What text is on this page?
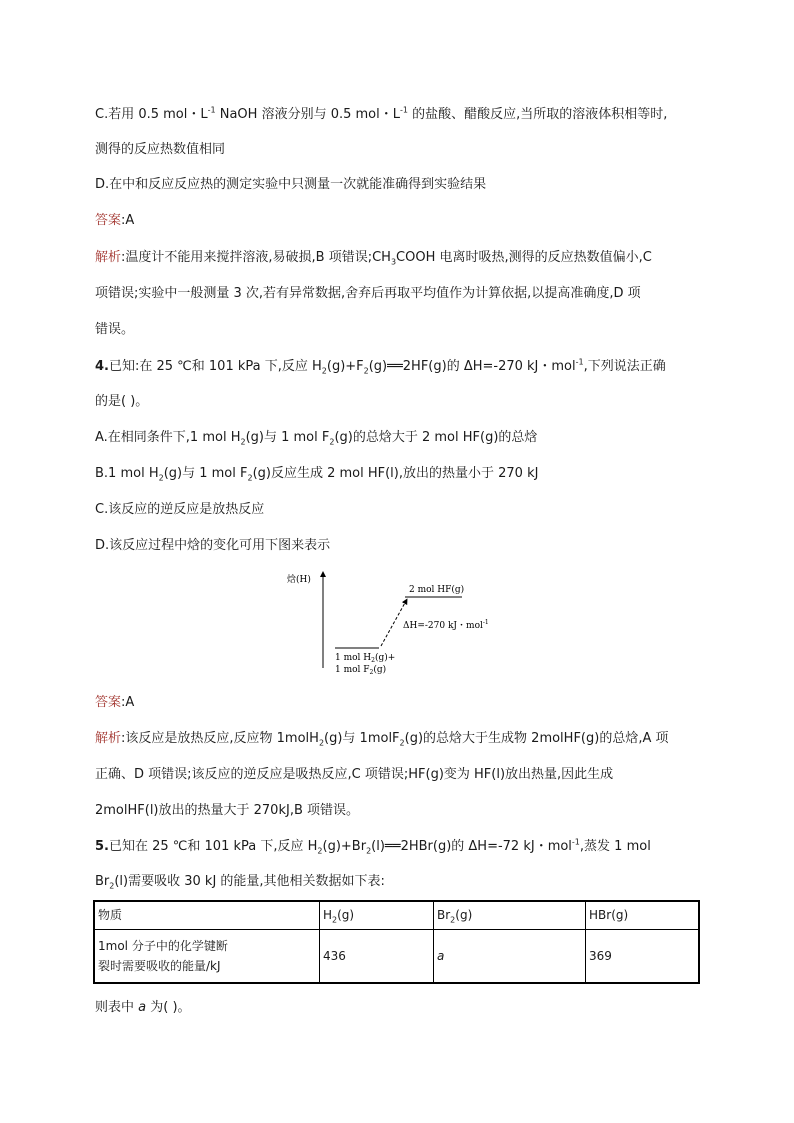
C.若用 0.5 mol・$L^{-1}$ NaOH 溶液分别与 0.5 mol・$L^{-1}$ 的盐酸、醋酸反应,当所取的溶液体积相等时,
测得的反应热数值相同
D.在中和反应反应热的测定实验中只测量一次就能准确得到实验结果
答案:A
解析:温度计不能用来搅拌溶液,易破损,B 项错误$;CH_3COOH$ 电离时吸热,测得的反应热数值偏小,C
项错误;实验中一般测量 3 次,若有异常数据,舍弃后再取平均值作为计算依据,以提高准确度,D 项
错误。
4.已知:在 25 ℃和 101 kPa 下,反应 $H_2(g)+F_2(g)══2HF(g)$的 ΔH=-270 kJ・mol$^{-1}$,下列说法正确
的是( )。
A.在相同条件下,1 mol $H_2(g)$与 1 mol $F_2(g)$的总焓大于 2 mol HF(g)的总焓
B.1 mol $H_2(g)$与 1 mol $F_2(g)$反应生成 2 mol HF(l),放出的热量小于 270 kJ
C.该反应的逆反应是放热反应
D.该反应过程中焓的变化可用下图来表示
焓(H)
2 mol HF(g)
ΔH=-270 kJ・mol$^{-1}$
1 mol $H_2(g)+$
1 mol $F_2(g)$
答案:A
解析:该反应是放热反应,反应物 1molH$_2$(g)与 1molF$_2$(g)的总焓大于生成物 2molHF(g)的总焓,A 项
正确、D 项错误;该反应的逆反应是吸热反应,C 项错误;HF(g)变为 HF(l)放出热量,因此生成
2molHF(l)放出的热量大于 270kJ,B 项错误。
5.已知在 25 ℃和 101 kPa 下,反应 $H_2(g)+Br_2(l)══2HBr(g)$的 ΔH=-72 kJ・mol$^{-1}$,蒸发 1 mol
$Br_2(l)$需要吸收 30 kJ 的能量,其他相关数据如下表:
物质	$H_2(g)$	$Br_2(g)$	HBr(g)

1mol 分子中的化学键断
裂时需要吸收的能量/kJ	436	a	369
则表中 a 为( )。
